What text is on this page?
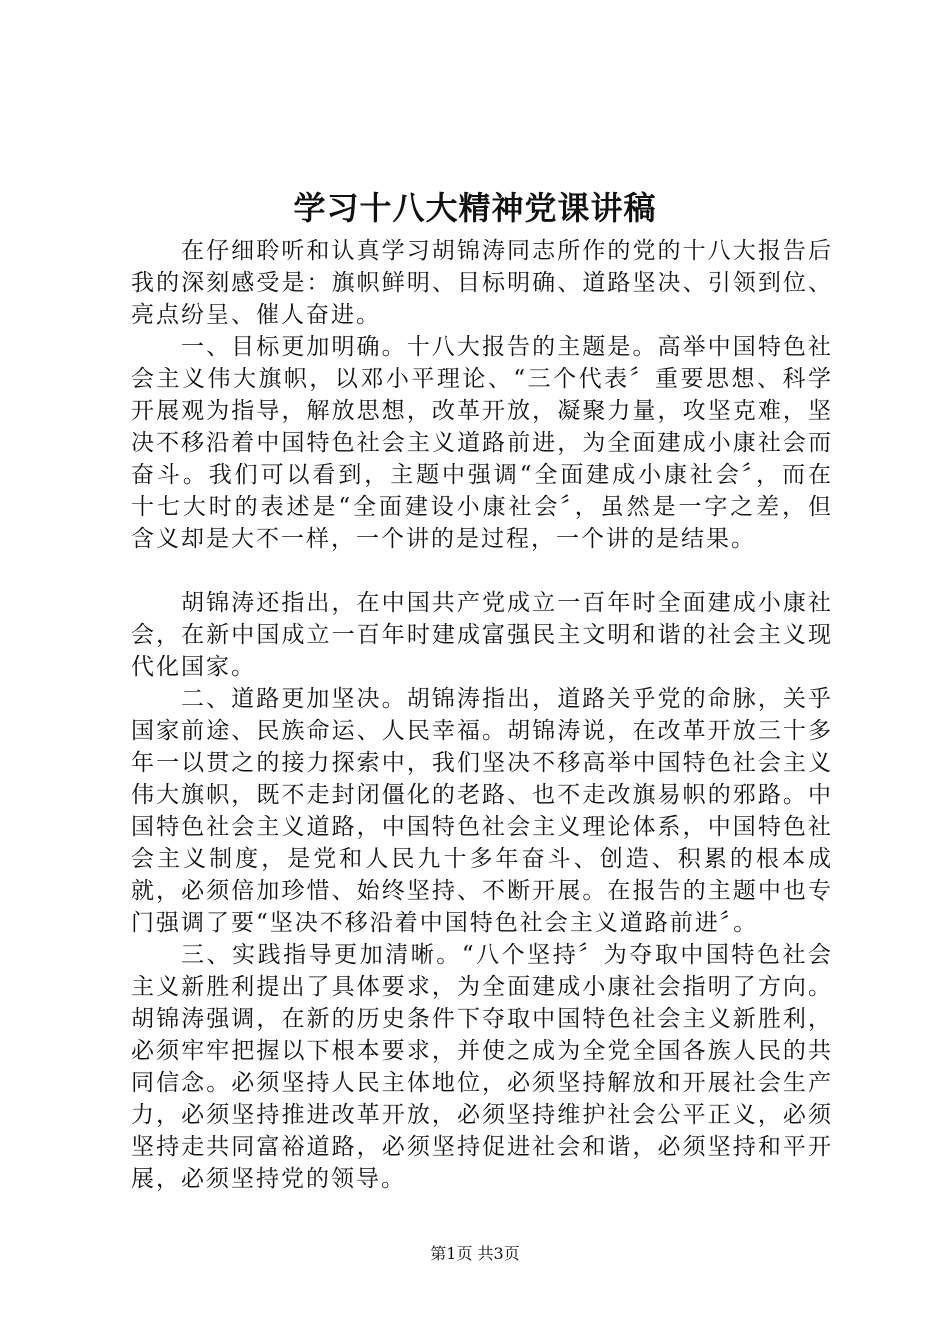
学习十八大精神党课讲稿

在仔细聆听和认真学习胡锦涛同志所作的党的十八大报告后我的深刻感受是：旗帜鲜明、目标明确、道路坚决、引领到位、亮点纷呈、催人奋进。

一、目标更加明确。十八大报告的主题是。高举中国特色社会主义伟大旗帜，以邓小平理论、“三个代表〞重要思想、科学开展观为指导，解放思想，改革开放，凝聚力量，攻坚克难，坚决不移沿着中国特色社会主义道路前进，为全面建成小康社会而奋斗。我们可以看到，主题中强调“全面建成小康社会〞，而在十七大时的表述是“全面建设小康社会〞，虽然是一字之差，但含义却是大不一样，一个讲的是过程，一个讲的是结果。

胡锦涛还指出，在中国共产党成立一百年时全面建成小康社会，在新中国成立一百年时建成富强民主文明和谐的社会主义现代化国家。

二、道路更加坚决。胡锦涛指出，道路关乎党的命脉，关乎国家前途、民族命运、人民幸福。胡锦涛说，在改革开放三十多年一以贯之的接力探索中，我们坚决不移高举中国特色社会主义伟大旗帜，既不走封闭僵化的老路、也不走改旗易帜的邪路。中国特色社会主义道路，中国特色社会主义理论体系，中国特色社会主义制度，是党和人民九十多年奋斗、创造、积累的根本成就，必须倍加珍惜、始终坚持、不断开展。在报告的主题中也专门强调了要“坚决不移沿着中国特色社会主义道路前进〞。

三、实践指导更加清晰。“八个坚持〞为夺取中国特色社会主义新胜利提出了具体要求，为全面建成小康社会指明了方向。胡锦涛强调，在新的历史条件下夺取中国特色社会主义新胜利，必须牢牢把握以下根本要求，并使之成为全党全国各族人民的共同信念。必须坚持人民主体地位，必须坚持解放和开展社会生产力，必须坚持推进改革开放，必须坚持维护社会公平正义，必须坚持走共同富裕道路，必须坚持促进社会和谐，必须坚持和平开展，必须坚持党的领导。

第1页 共3页
